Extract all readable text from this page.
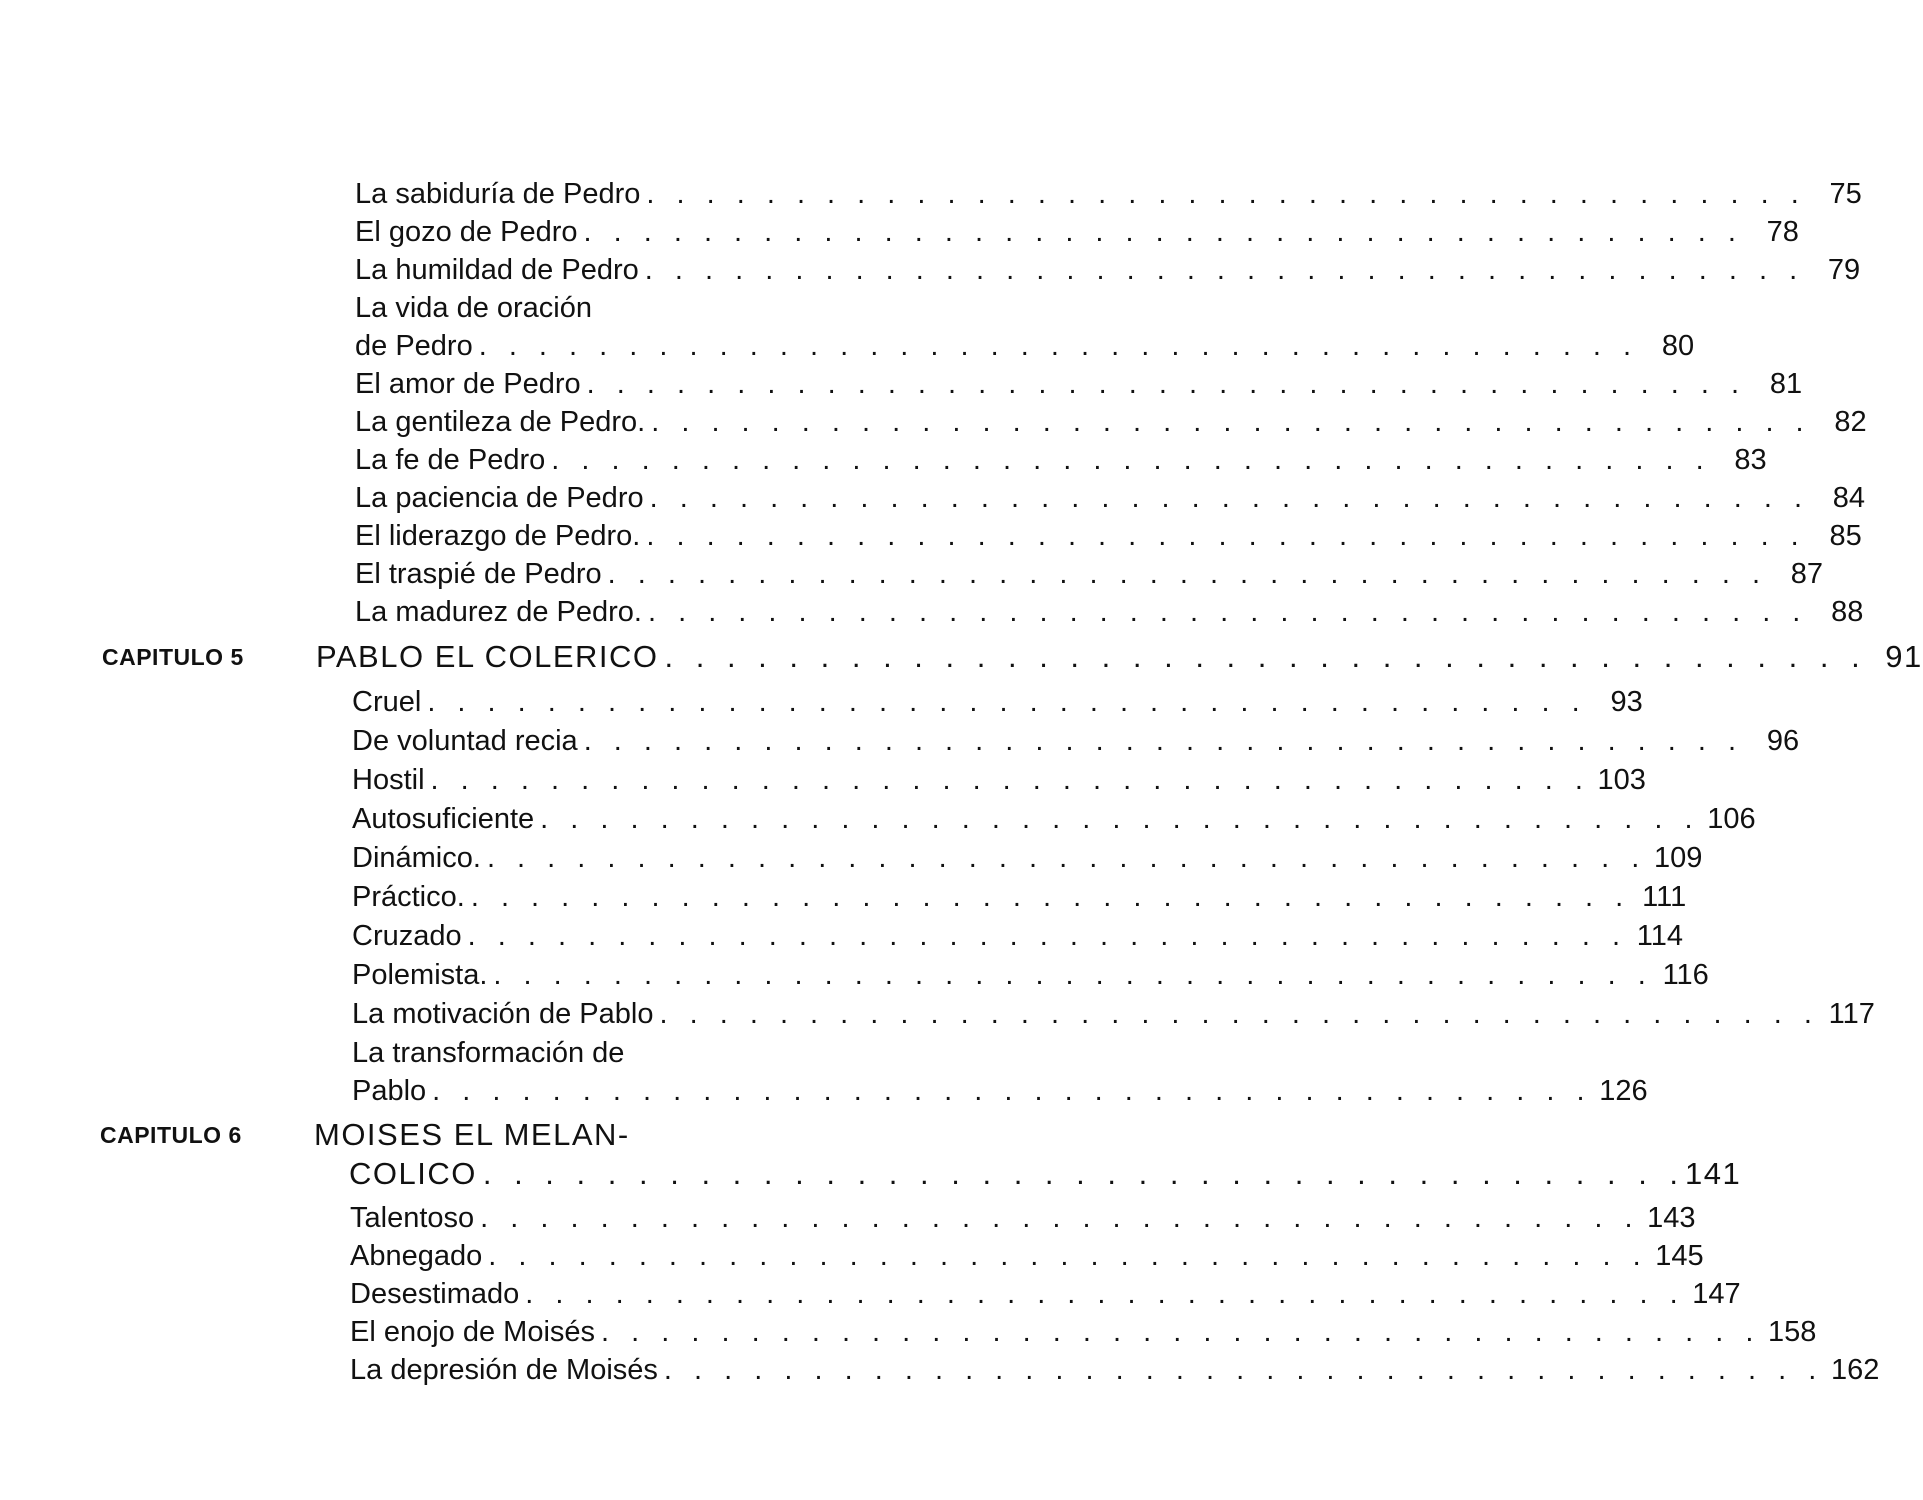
La sabiduría de Pedro . . . . . . . . . . . . . . . . . . . . . . . . . . . . . . . . . . . . . . . 75
El gozo de Pedro . . . . . . . . . . . . . . . . . . . . . . . . . . . . . . . . . . . . . . . 78
La humildad de Pedro . . . . . . . . . . . . . . . . . . . . . . . . . . . . . . . . . . . . . . . 79
La vida de oración
de Pedro . . . . . . . . . . . . . . . . . . . . . . . . . . . . . . . . . . . . . . . 80
El amor de Pedro . . . . . . . . . . . . . . . . . . . . . . . . . . . . . . . . . . . . . . . 81
La gentileza de Pedro. . . . . . . . . . . . . . . . . . . . . . . . . . . . . . . . . . . . . . . . 82
La fe de Pedro . . . . . . . . . . . . . . . . . . . . . . . . . . . . . . . . . . . . . . . 83
La paciencia de Pedro . . . . . . . . . . . . . . . . . . . . . . . . . . . . . . . . . . . . . . . 84
El liderazgo de Pedro. . . . . . . . . . . . . . . . . . . . . . . . . . . . . . . . . . . . . . . . 85
El traspié de Pedro . . . . . . . . . . . . . . . . . . . . . . . . . . . . . . . . . . . . . . . 87
La madurez de Pedro. . . . . . . . . . . . . . . . . . . . . . . . . . . . . . . . . . . . . . . . 88
CAPITULO 5 PABLO EL COLERICO . . . . . . . . . . . . . . . . . . . . . . . . . . . . . . . . . . . . . . . 91
Cruel . . . . . . . . . . . . . . . . . . . . . . . . . . . . . . . . . . . . . . . 93
De voluntad recia . . . . . . . . . . . . . . . . . . . . . . . . . . . . . . . . . . . . . . . 96
Hostil . . . . . . . . . . . . . . . . . . . . . . . . . . . . . . . . . . . . . . . 103
Autosuficiente . . . . . . . . . . . . . . . . . . . . . . . . . . . . . . . . . . . . . . . 106
Dinámico. . . . . . . . . . . . . . . . . . . . . . . . . . . . . . . . . . . . . . . . 109
Práctico. . . . . . . . . . . . . . . . . . . . . . . . . . . . . . . . . . . . . . . . 111
Cruzado . . . . . . . . . . . . . . . . . . . . . . . . . . . . . . . . . . . . . . . 114
Polemista. . . . . . . . . . . . . . . . . . . . . . . . . . . . . . . . . . . . . . . . 116
La motivación de Pablo . . . . . . . . . . . . . . . . . . . . . . . . . . . . . . . . . . . . . . . 117
La transformación de
Pablo . . . . . . . . . . . . . . . . . . . . . . . . . . . . . . . . . . . . . . . 126
CAPITULO 6 MOISES EL MELAN-
COLICO . . . . . . . . . . . . . . . . . . . . . . . . . . . . . . . . . . . . . . . 141
Talentoso . . . . . . . . . . . . . . . . . . . . . . . . . . . . . . . . . . . . . . . 143
Abnegado . . . . . . . . . . . . . . . . . . . . . . . . . . . . . . . . . . . . . . . 145
Desestimado . . . . . . . . . . . . . . . . . . . . . . . . . . . . . . . . . . . . . . . 147
El enojo de Moisés . . . . . . . . . . . . . . . . . . . . . . . . . . . . . . . . . . . . . . . 158
La depresión de Moisés . . . . . . . . . . . . . . . . . . . . . . . . . . . . . . . . . . . . . . . 162
